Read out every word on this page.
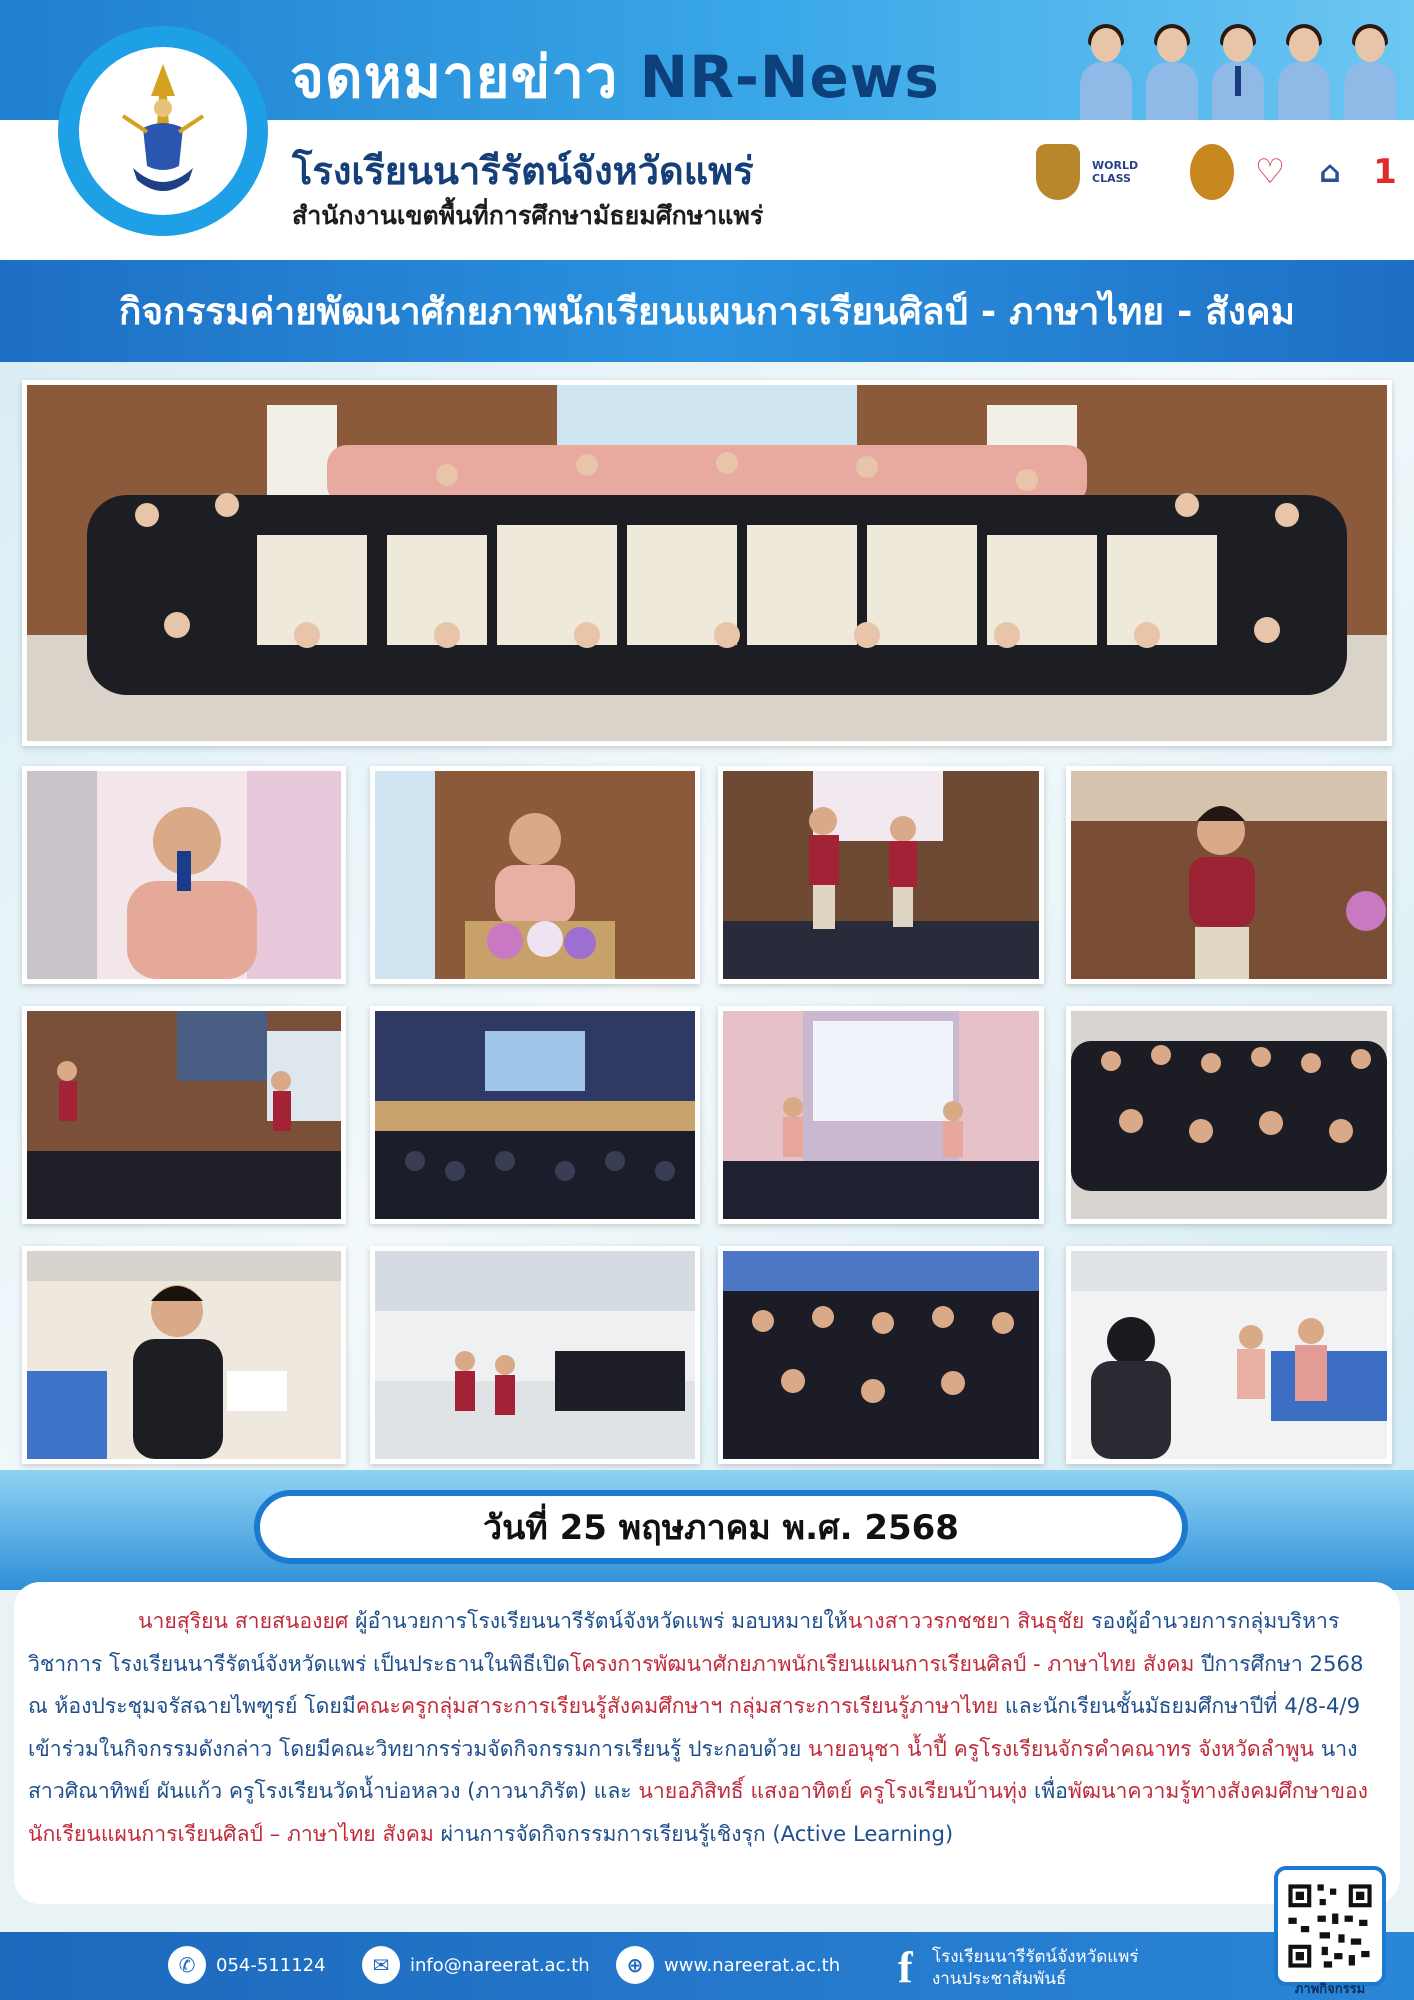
จดหมายข่าว NR-News
โรงเรียนนารีรัตน์จังหวัดแพร่
สำนักงานเขตพื้นที่การศึกษามัธยมศึกษาแพร่
WORLD CLASS	♡	⌂ 1
กิจกรรมค่ายพัฒนาศักยภาพนักเรียนแผนการเรียนศิลป์ - ภาษาไทย - สังคม
วันที่ 25 พฤษภาคม พ.ศ. 2568

นายสุริยน สายสนองยศ ผู้อำนวยการโรงเรียนนารีรัตน์จังหวัดแพร่ มอบหมายให้นางสาววรกชชยา สินธุชัย รองผู้อำนวยการกลุ่มบริหารวิชาการ โรงเรียนนารีรัตน์จังหวัดแพร่ เป็นประธานในพิธีเปิดโครงการพัฒนาศักยภาพนักเรียนแผนการเรียนศิลป์ - ภาษาไทย สังคม ปีการศึกษา 2568 ณ ห้องประชุมจรัสฉายไพฑูรย์ โดยมีคณะครูกลุ่มสาระการเรียนรู้สังคมศึกษาฯ กลุ่มสาระการเรียนรู้ภาษาไทย และนักเรียนชั้นมัธยมศึกษาปีที่ 4/8-4/9 เข้าร่วมในกิจกรรมดังกล่าว โดยมีคณะวิทยากรร่วมจัดกิจกรรมการเรียนรู้ ประกอบด้วย นายอนุชา น้ำปี้ ครูโรงเรียนจักรคำคณาทร จังหวัดลำพูน นางสาวศิณาทิพย์ ผันแก้ว ครูโรงเรียนวัดน้ำบ่อหลวง (ภาวนาภิรัต) และ นายอภิสิทธิ์ แสงอาทิตย์ ครูโรงเรียนบ้านทุ่ง เพื่อพัฒนาความรู้ทางสังคมศึกษาของนักเรียนแผนการเรียนศิลป์ – ภาษาไทย สังคม ผ่านการจัดกิจกรรมการเรียนรู้เชิงรุก (Active Learning)

✆	054-511124	✉	info@nareerat.ac.th	⊕	www.nareerat.ac.th f	โรงเรียนนารีรัตน์จังหวัดแพร่
งานประชาสัมพันธ์
ภาพกิจกรรม
